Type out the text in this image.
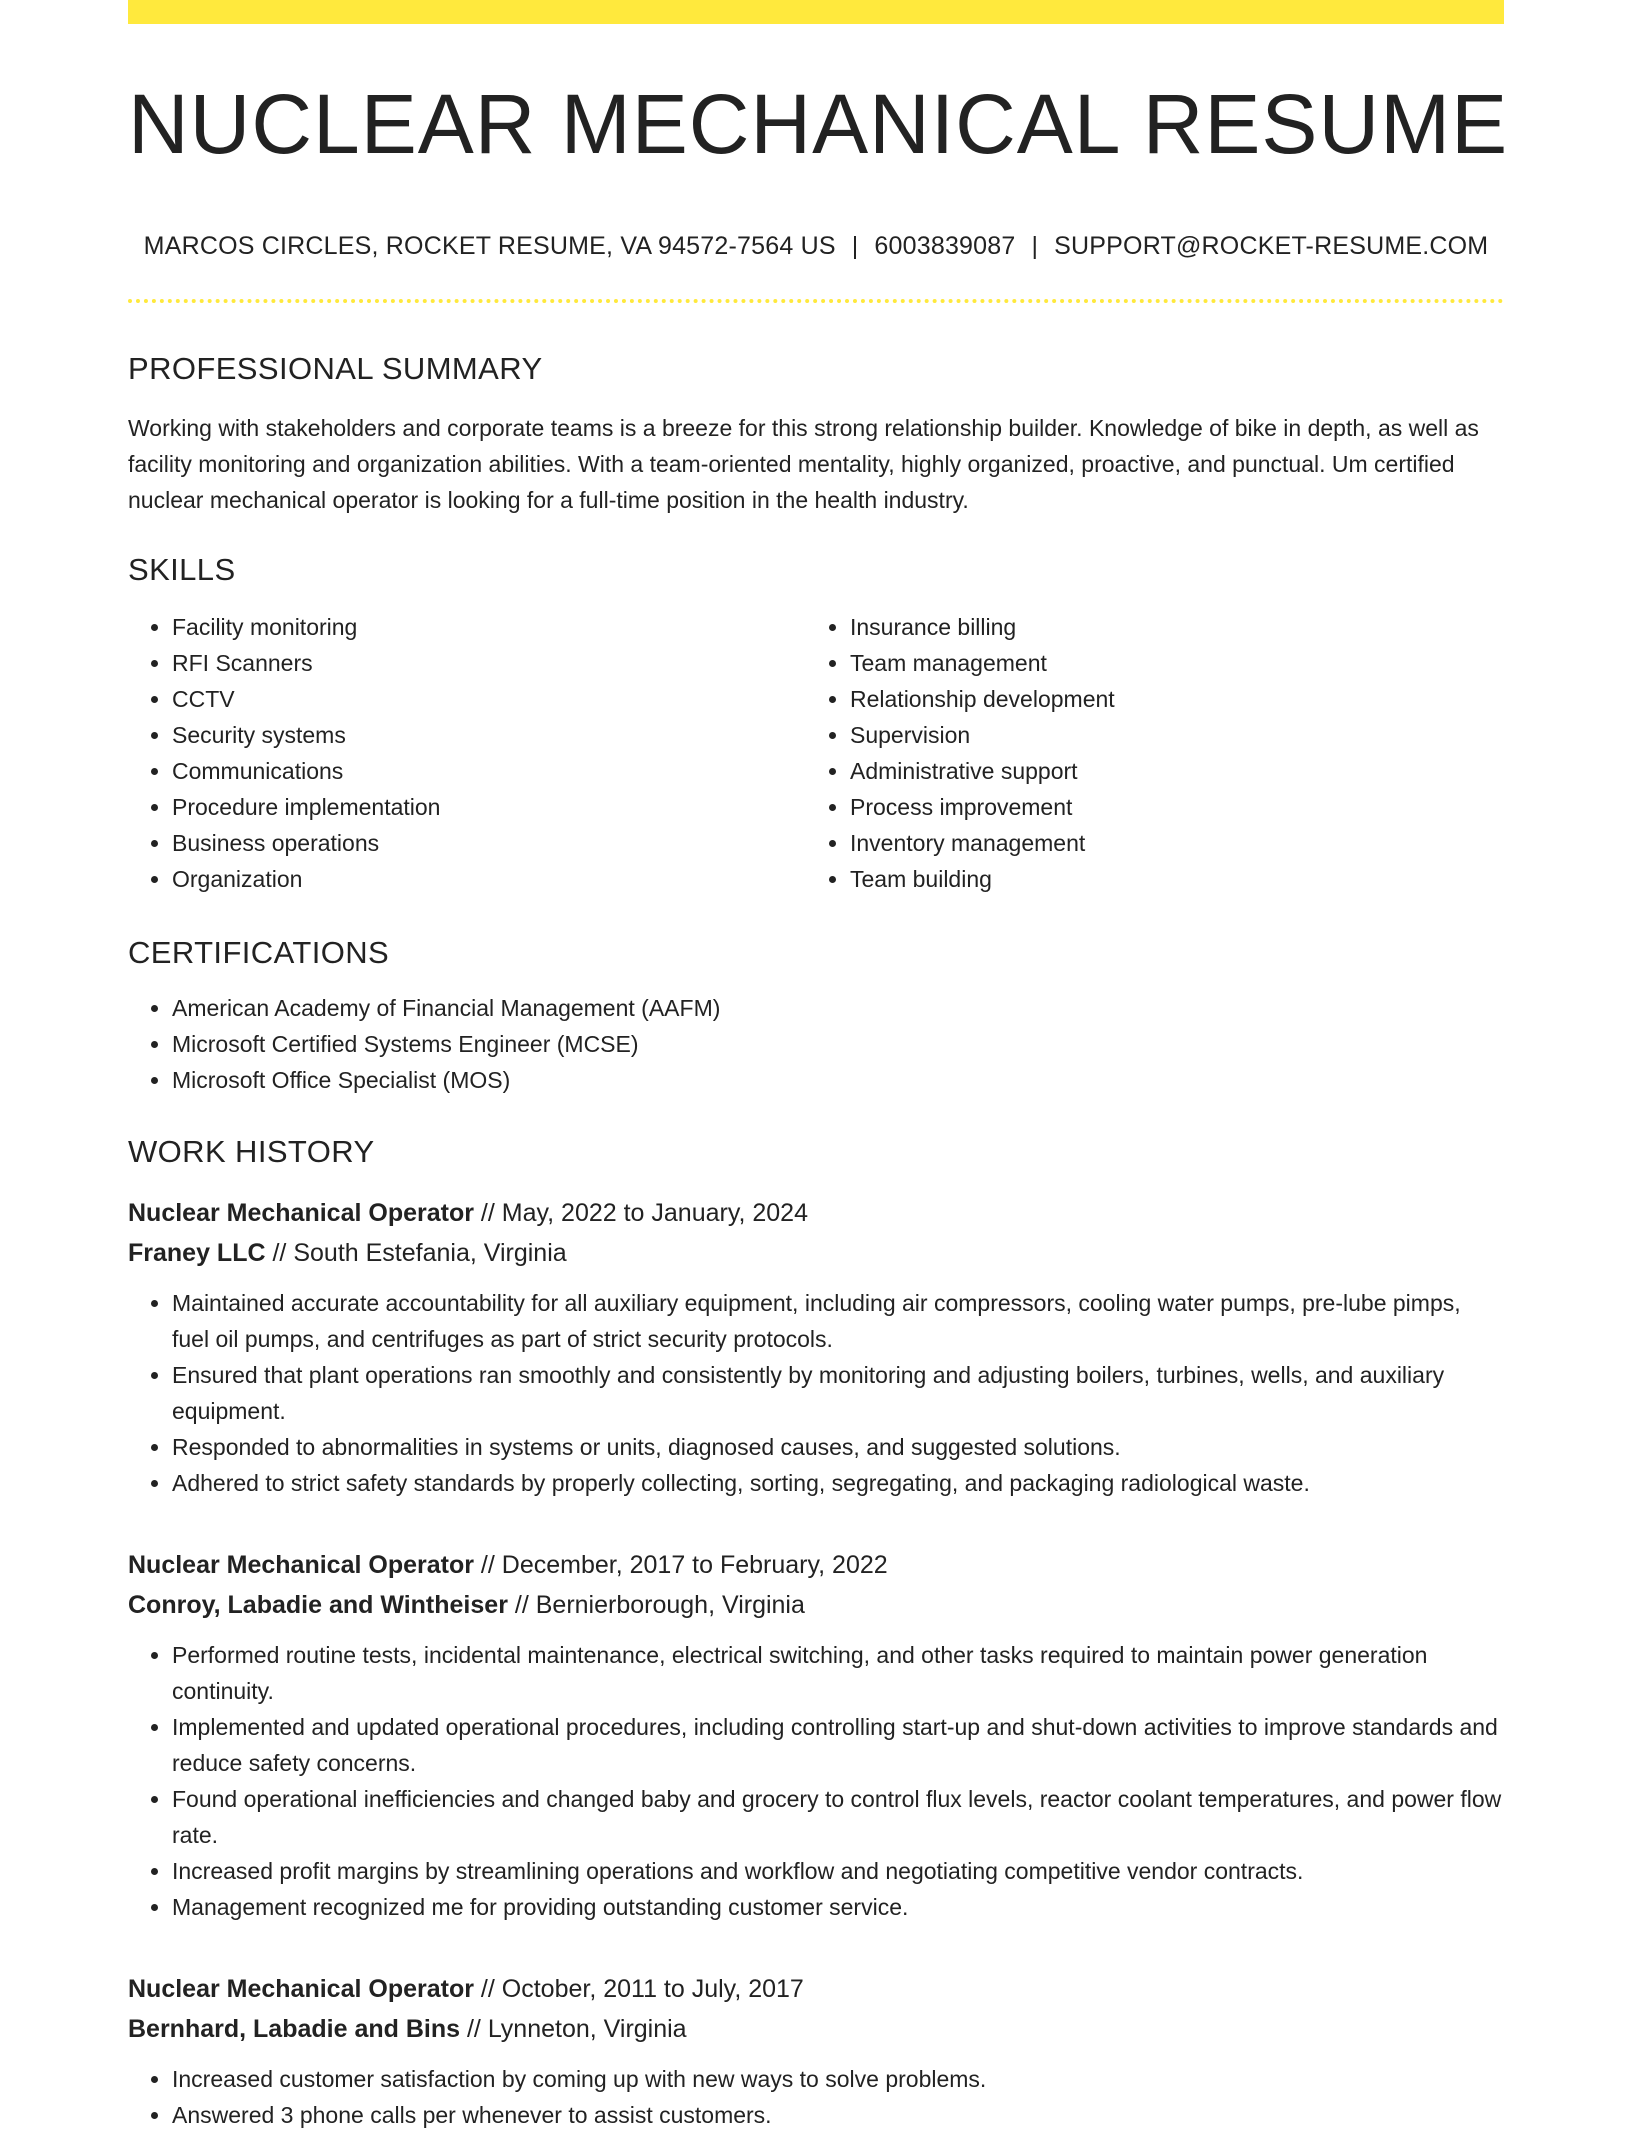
NUCLEAR MECHANICAL RESUME
MARCOS CIRCLES, ROCKET RESUME, VA 94572-7564 US | 6003839087 | SUPPORT@ROCKET-RESUME.COM
PROFESSIONAL SUMMARY

Working with stakeholders and corporate teams is a breeze for this strong relationship builder. Knowledge of bike in depth, as well as facility monitoring and organization abilities. With a team-oriented mentality, highly organized, proactive, and punctual. Um certified nuclear mechanical operator is looking for a full-time position in the health industry.

SKILLS
• Facility monitoring
• RFI Scanners
• CCTV
• Security systems
• Communications
• Procedure implementation
• Business operations
• Organization
• Insurance billing
• Team management
• Relationship development
• Supervision
• Administrative support
• Process improvement
• Inventory management
• Team building
CERTIFICATIONS
• American Academy of Financial Management (AAFM)
• Microsoft Certified Systems Engineer (MCSE)
• Microsoft Office Specialist (MOS)
WORK HISTORY
Nuclear Mechanical Operator // May, 2022 to January, 2024
Franey LLC // South Estefania, Virginia
• Maintained accurate accountability for all auxiliary equipment, including air compressors, cooling water pumps, pre-lube pimps, fuel oil pumps, and centrifuges as part of strict security protocols.
• Ensured that plant operations ran smoothly and consistently by monitoring and adjusting boilers, turbines, wells, and auxiliary equipment.
• Responded to abnormalities in systems or units, diagnosed causes, and suggested solutions.
• Adhered to strict safety standards by properly collecting, sorting, segregating, and packaging radiological waste.
Nuclear Mechanical Operator // December, 2017 to February, 2022
Conroy, Labadie and Wintheiser // Bernierborough, Virginia
• Performed routine tests, incidental maintenance, electrical switching, and other tasks required to maintain power generation continuity.
• Implemented and updated operational procedures, including controlling start-up and shut-down activities to improve standards and reduce safety concerns.
• Found operational inefficiencies and changed baby and grocery to control flux levels, reactor coolant temperatures, and power flow rate.
• Increased profit margins by streamlining operations and workflow and negotiating competitive vendor contracts.
• Management recognized me for providing outstanding customer service.
Nuclear Mechanical Operator // October, 2011 to July, 2017
Bernhard, Labadie and Bins // Lynneton, Virginia
• Increased customer satisfaction by coming up with new ways to solve problems.
• Answered 3 phone calls per whenever to assist customers.
